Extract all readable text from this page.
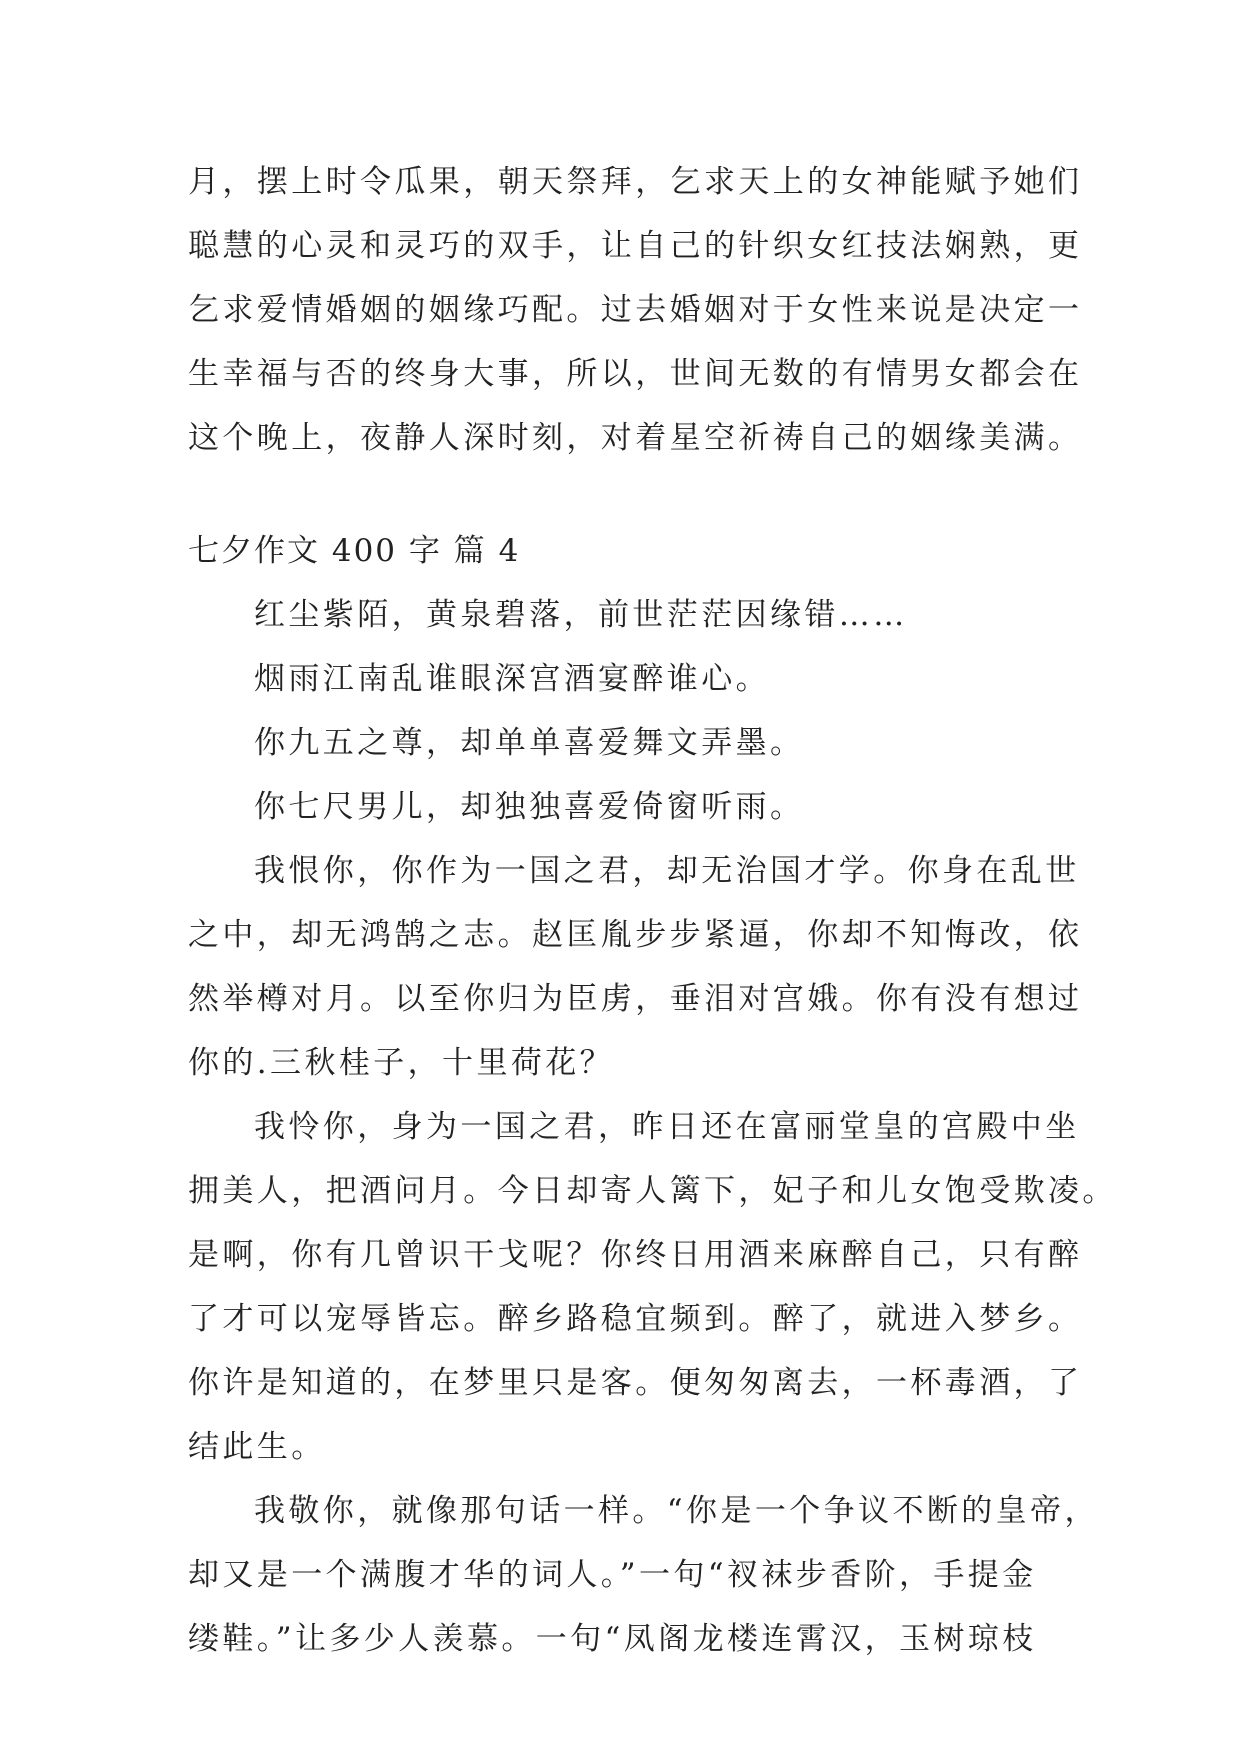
月，摆上时令瓜果，朝天祭拜，乞求天上的女神能赋予她们
聪慧的心灵和灵巧的双手，让自己的针织女红技法娴熟，更
乞求爱情婚姻的姻缘巧配。过去婚姻对于女性来说是决定一
生幸福与否的终身大事，所以，世间无数的有情男女都会在
这个晚上，夜静人深时刻，对着星空祈祷自己的姻缘美满。
七夕作文 400 字 篇 4
红尘紫陌，黄泉碧落，前世茫茫因缘错……
烟雨江南乱谁眼深宫酒宴醉谁心。
你九五之尊，却单单喜爱舞文弄墨。
你七尺男儿，却独独喜爱倚窗听雨。
我恨你，你作为一国之君，却无治国才学。你身在乱世
之中，却无鸿鹄之志。赵匡胤步步紧逼，你却不知悔改，依
然举樽对月。以至你归为臣虏，垂泪对宫娥。你有没有想过
你的.三秋桂子，十里荷花？
我怜你，身为一国之君，昨日还在富丽堂皇的宫殿中坐
拥美人，把酒问月。今日却寄人篱下，妃子和儿女饱受欺凌。
是啊，你有几曾识干戈呢？你终日用酒来麻醉自己，只有醉
了才可以宠辱皆忘。醉乡路稳宜频到。醉了，就进入梦乡。
你许是知道的，在梦里只是客。便匆匆离去，一杯毒酒，了
结此生。
我敬你，就像那句话一样。“你是一个争议不断的皇帝，
却又是一个满腹才华的词人。”一句“衩袜步香阶，手提金
缕鞋。”让多少人羡慕。一句“凤阁龙楼连霄汉，玉树琼枝
